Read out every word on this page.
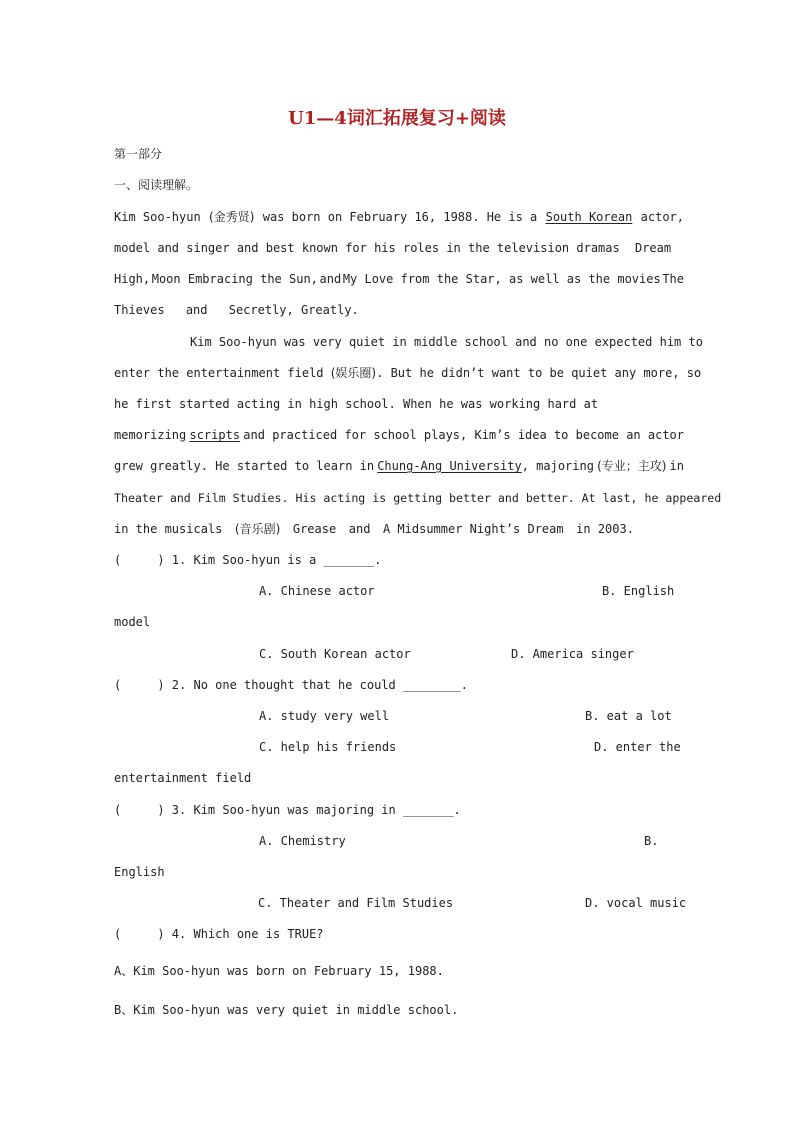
U1—4词汇拓展复习+阅读
第一部分
一、阅读理解。
Kim Soo-hyun (金秀贤) was born on February 16, 1988. He is a South Korean actor,
model and singer and best known for his roles in the television dramas Dream
High, Moon Embracing the Sun, and My Love from the Star, as well as the movies The
Thieves and Secretly, Greatly.
Kim Soo-hyun was very quiet in middle school and no one expected him to
enter the entertainment field (娱乐圈). But he didn’t want to be quiet any more, so
he first started acting in high school. When he was working hard at
memorizing scripts and practiced for school plays, Kim’s idea to become an actor
grew greatly. He started to learn in Chung-Ang University, majoring (专业；主攻) in
Theater and Film Studies. His acting is getting better and better. At last, he appeared
in the musicals (音乐剧) Grease and A Midsummer Night’s Dream in 2003.
(     ) 1. Kim Soo-hyun is a _______.
A. Chinese actor	B. English
model
C. South Korean actor	D. America singer
(     ) 2. No one thought that he could ________.
A. study very well	B. eat a lot
C. help his friends	D. enter the
entertainment field
(     ) 3. Kim Soo-hyun was majoring in _______.
A. Chemistry	B.
English
C. Theater and Film Studies	D. vocal music
(     ) 4. Which one is TRUE?
A、Kim Soo-hyun was born on February 15, 1988.
B、Kim Soo-hyun was very quiet in middle school.
